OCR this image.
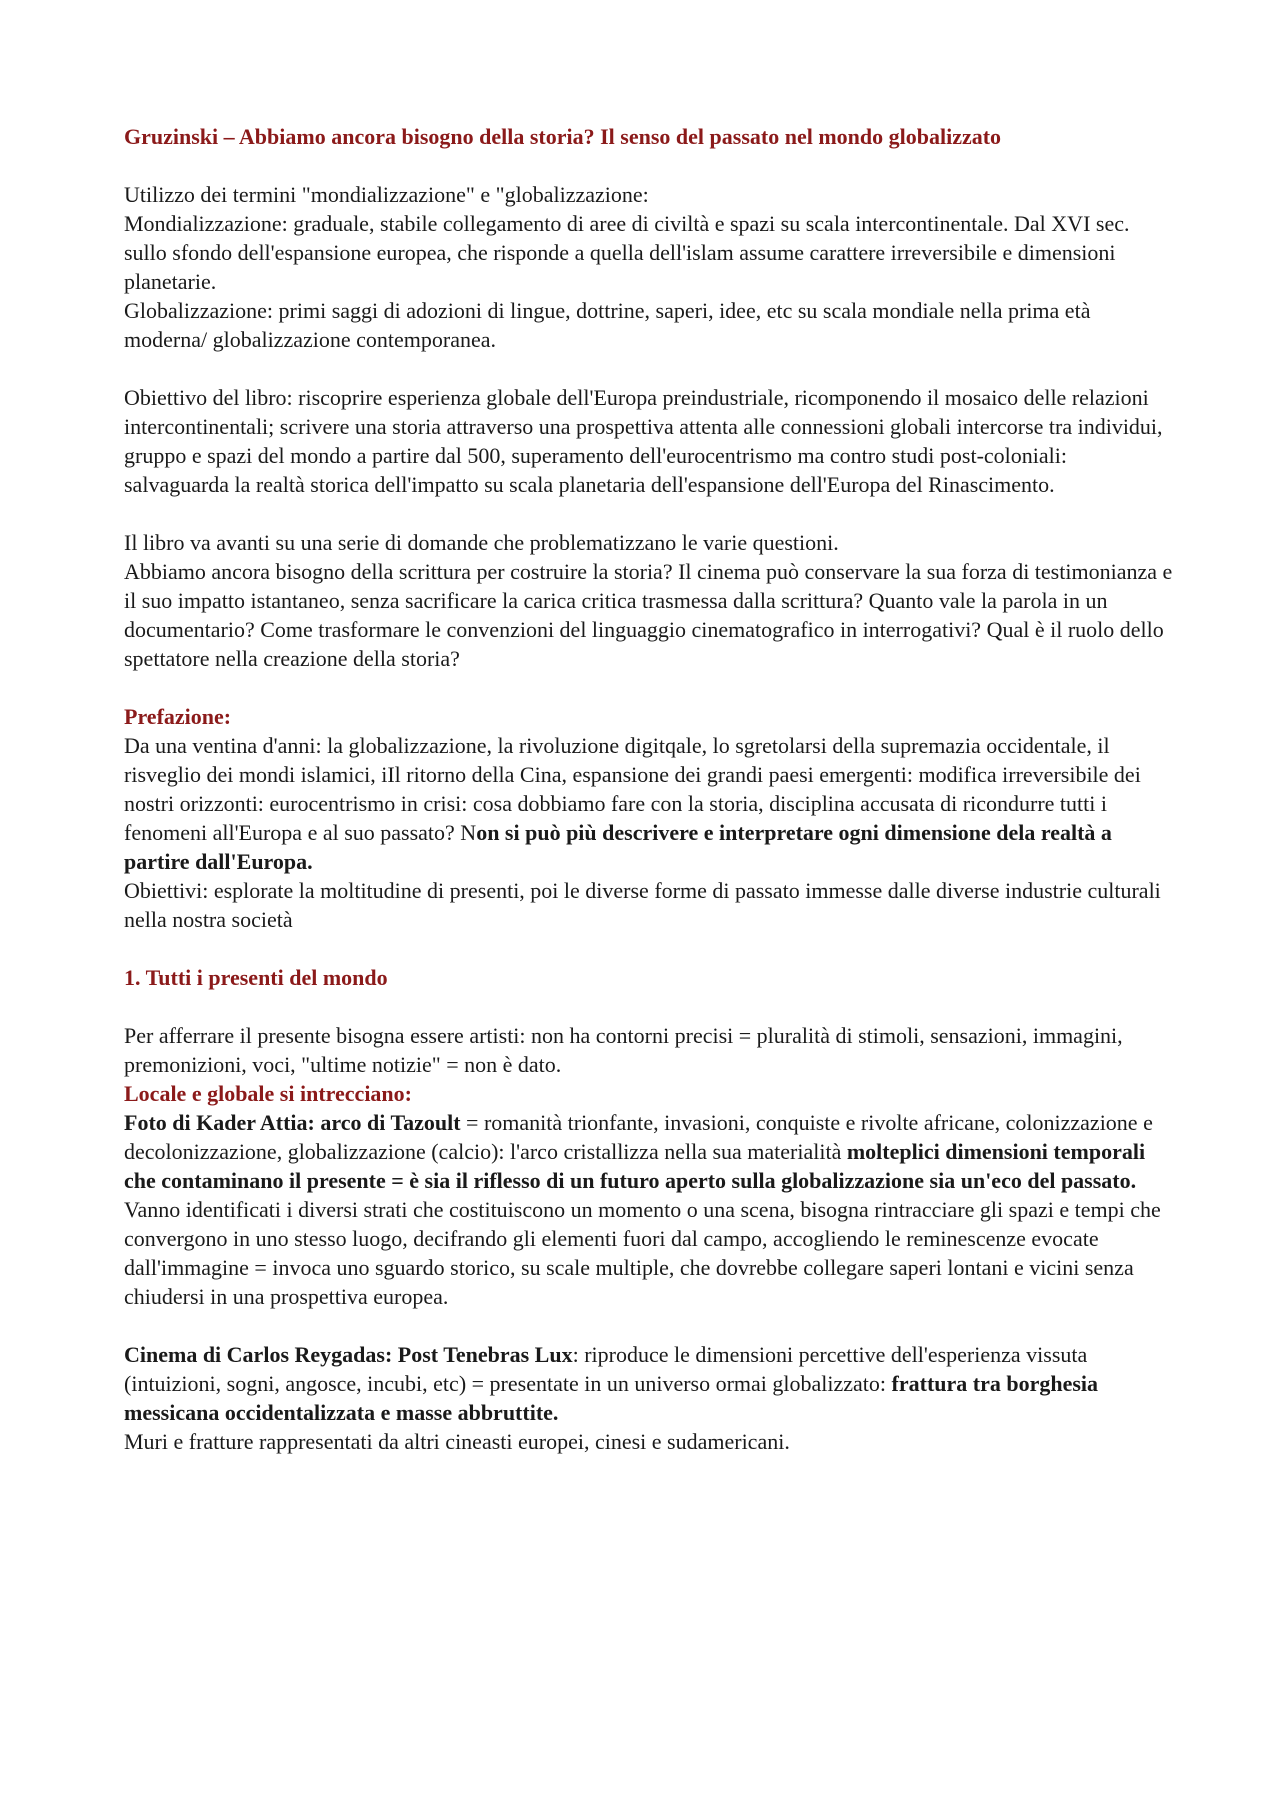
Gruzinski – Abbiamo ancora bisogno della storia? Il senso del passato nel mondo globalizzato

Utilizzo dei termini "mondializzazione" e "globalizzazione:

Mondializzazione: graduale, stabile collegamento di aree di civiltà e spazi su scala intercontinentale. Dal XVI sec. sullo sfondo dell'espansione europea, che risponde a quella dell'islam assume carattere irreversibile e dimensioni planetarie.

Globalizzazione: primi saggi di adozioni di lingue, dottrine, saperi, idee, etc su scala mondiale nella prima età moderna/ globalizzazione contemporanea.

Obiettivo del libro: riscoprire esperienza globale dell'Europa preindustriale, ricomponendo il mosaico delle relazioni intercontinentali; scrivere una storia attraverso una prospettiva attenta alle connessioni globali intercorse tra individui, gruppo e spazi del mondo a partire dal 500, superamento dell'eurocentrismo ma contro studi post-coloniali: salvaguarda la realtà storica dell'impatto su scala planetaria dell'espansione dell'Europa del Rinascimento.

Il libro va avanti su una serie di domande che problematizzano le varie questioni.

Abbiamo ancora bisogno della scrittura per costruire la storia? Il cinema può conservare la sua forza di testimonianza e il suo impatto istantaneo, senza sacrificare la carica critica trasmessa dalla scrittura? Quanto vale la parola in un documentario? Come trasformare le convenzioni del linguaggio cinematografico in interrogativi? Qual è il ruolo dello spettatore nella creazione della storia?

Prefazione:

Da una ventina d'anni: la globalizzazione, la rivoluzione digitqale, lo sgretolarsi della supremazia occidentale, il risveglio dei mondi islamici, iIl ritorno della Cina, espansione dei grandi paesi emergenti: modifica irreversibile dei nostri orizzonti: eurocentrismo in crisi: cosa dobbiamo fare con la storia, disciplina accusata di ricondurre tutti i fenomeni all'Europa e al suo passato? Non si può più descrivere e interpretare ogni dimensione dela realtà a partire dall'Europa.

Obiettivi: esplorate la moltitudine di presenti, poi le diverse forme di passato immesse dalle diverse industrie culturali nella nostra società

1. Tutti i presenti del mondo

Per afferrare il presente bisogna essere artisti: non ha contorni precisi = pluralità di stimoli, sensazioni, immagini, premonizioni, voci, "ultime notizie" = non è dato.

Locale e globale si intrecciano:

Foto di Kader Attia: arco di Tazoult = romanità trionfante, invasioni, conquiste e rivolte africane, colonizzazione e decolonizzazione, globalizzazione (calcio): l'arco cristallizza nella sua materialità molteplici dimensioni temporali che contaminano il presente = è sia il riflesso di un futuro aperto sulla globalizzazione sia un'eco del passato.

Vanno identificati i diversi strati che costituiscono un momento o una scena, bisogna rintracciare gli spazi e tempi che convergono in uno stesso luogo, decifrando gli elementi fuori dal campo, accogliendo le reminescenze evocate dall'immagine = invoca uno sguardo storico, su scale multiple, che dovrebbe collegare saperi lontani e vicini senza chiudersi in una prospettiva europea.

Cinema di Carlos Reygadas: Post Tenebras Lux: riproduce le dimensioni percettive dell'esperienza vissuta (intuizioni, sogni, angosce, incubi, etc) = presentate in un universo ormai globalizzato: frattura tra borghesia messicana occidentalizzata e masse abbruttite.

Muri e fratture rappresentati da altri cineasti europei, cinesi e sudamericani.
